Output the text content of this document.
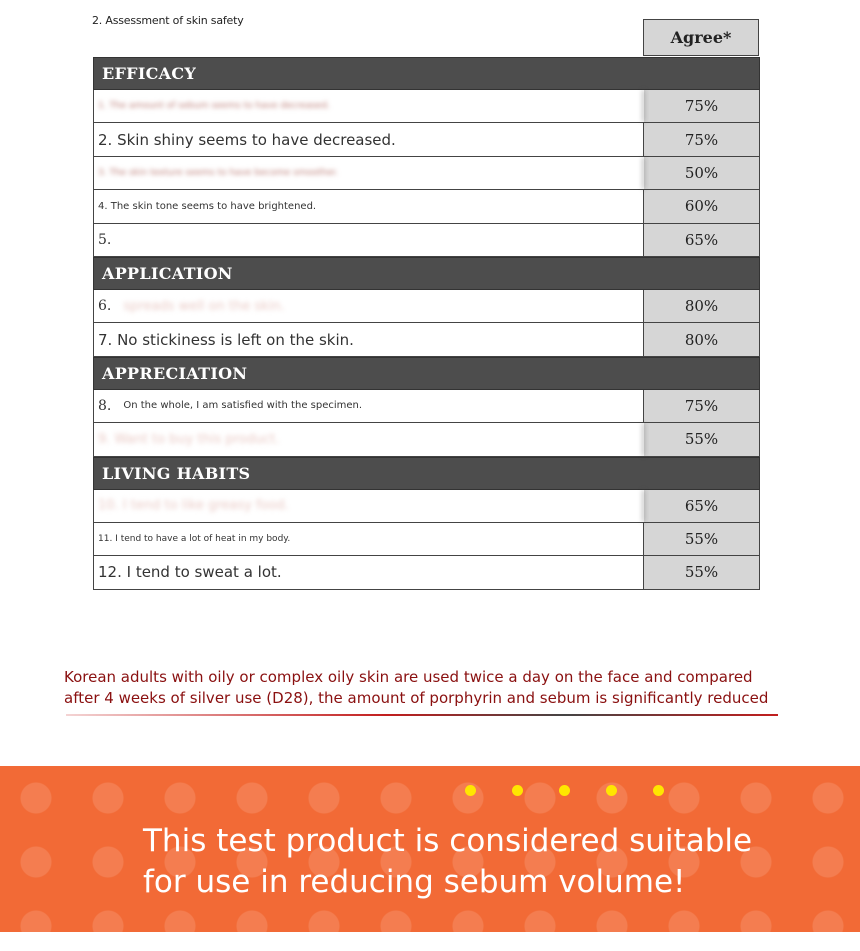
2. Assessment of skin safety
Agree*
EFFICACY
1. The amount of sebum seems to have decreased.	75%
2. Skin shiny seems to have decreased.	75%
3. The skin texture seems to have become smoother.	50%
4. The skin tone seems to have brightened.	60%
5.	65%
APPLICATION
6. spreads well on the skin.	80%
7. No stickiness is left on the skin.	80%
APPRECIATION
8. On the whole, I am satisfied with the specimen.	75%
9. Want to buy this product.	55%
LIVING HABITS
10. I tend to like greasy food.	65%
11. I tend to have a lot of heat in my body.	55%
12. I tend to sweat a lot.	55%
Korean adults with oily or complex oily skin are used twice a day on the face and compared
after 4 weeks of silver use (D28), the amount of porphyrin and sebum is significantly reduced
This test product is considered suitable
for use in reducing sebum volume!
